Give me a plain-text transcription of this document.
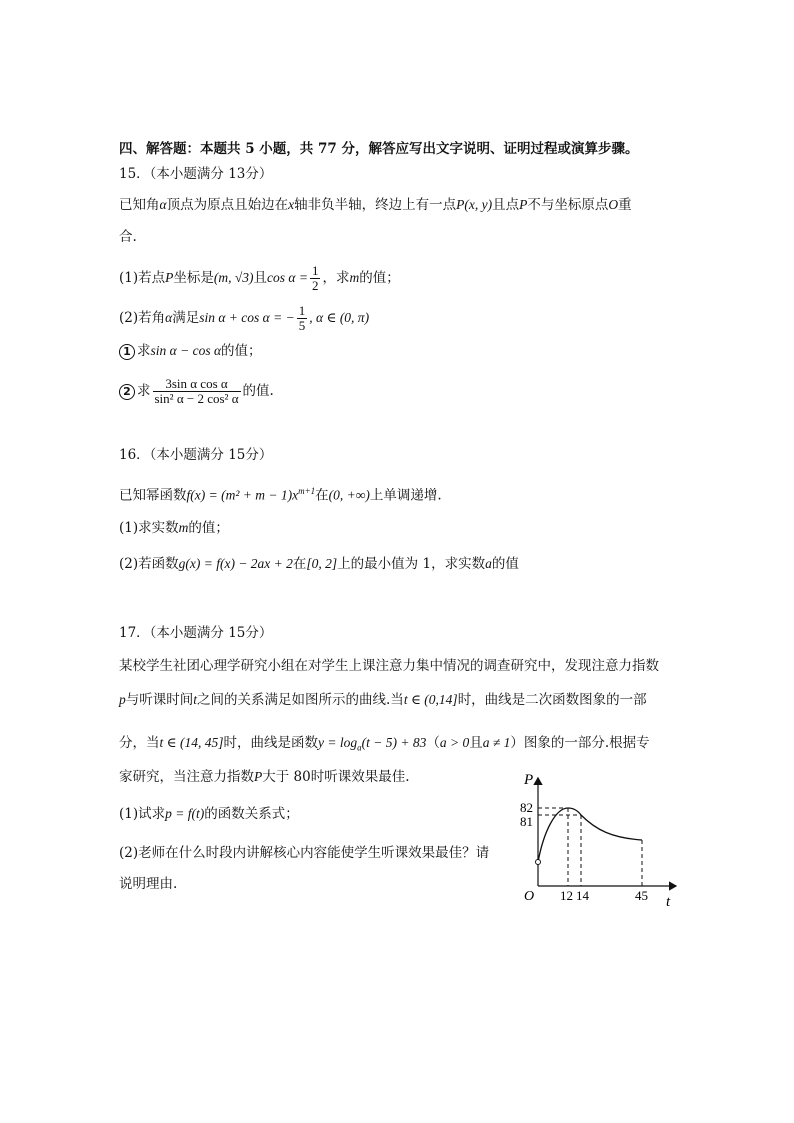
四、解答题：本题共 5 小题，共 77 分，解答应写出文字说明、证明过程或演算步骤。
15．（本小题满分 13分）
已知角α顶点为原点且始边在x轴非负半轴，终边上有一点P(x, y)且点P不与坐标原点O重
合.
(1)若点P坐标是(m, √3)且$\cos \alpha = \frac{1}{2}$ ，求m的值；
(2)若角α满足sin α + cos α = − $\frac{1}{5}$ , α ∈ (0, π)
1 求sin α − cos α的值；
2 求 $\frac{\text{3sin α cos α}}{\text{sin² α − 2 cos² α}}$ 的值.
16．（本小题满分 15分）
已知幂函数$f(x) = (m^2 + m - 1)x^{m+1}$在(0, +∞)上单调递增.
(1)求实数m的值；
(2)若函数g(x) = f(x) − 2ax + 2在[0, 2]上的最小值为 1，求实数a的值
17．（本小题满分 15分）
某校学生社团心理学研究小组在对学生上课注意力集中情况的调查研究中，发现注意力指数
p与听课时间t之间的关系满足如图所示的曲线.当t ∈ (0,14]时，曲线是二次函数图象的一部
分，当t ∈ (14, 45]时，曲线是函数$y = \log_a(t - 5) + 83(a > 0$且a ≠ 1）图象的一部分.根据专
家研究，当注意力指数P大于 80时听课效果最佳.
(1)试求p = f(t)的函数关系式；
(2)老师在什么时段内讲解核心内容能使学生听课效果最佳？请
说明理由.
P
t
O
82
81
12 14	45
